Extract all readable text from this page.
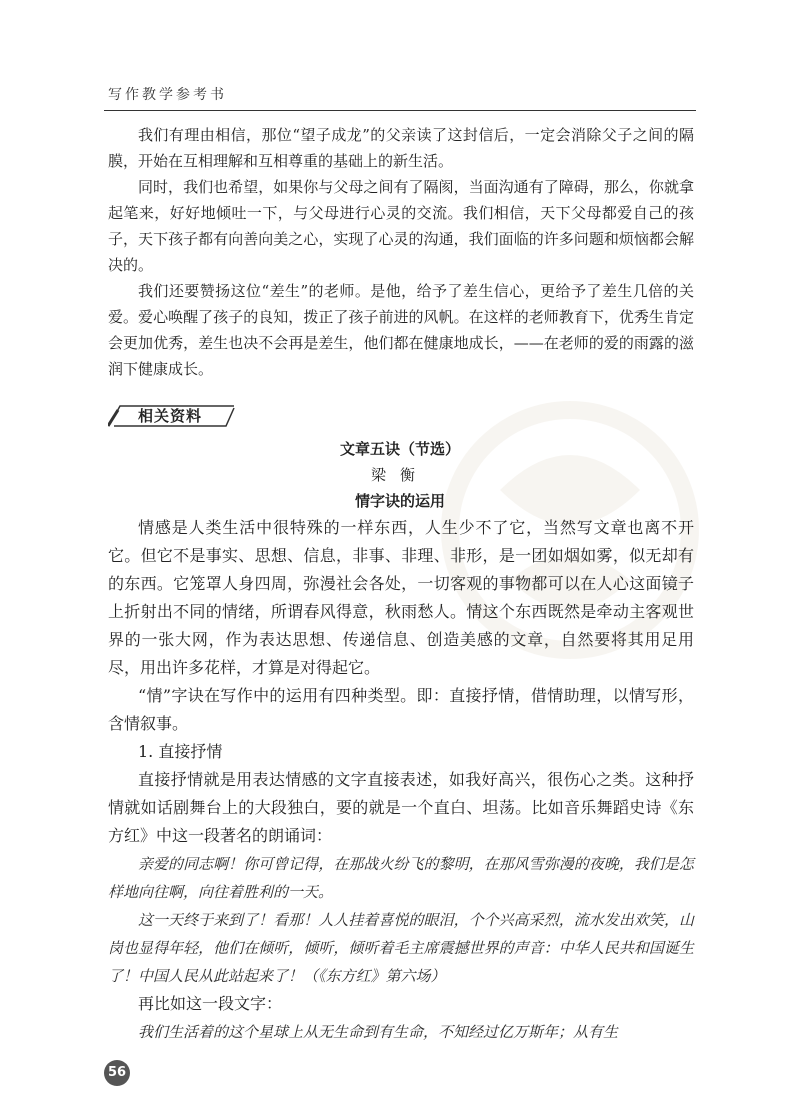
写作教学参考书

我们有理由相信，那位“望子成龙”的父亲读了这封信后，一定会消除父子之间的隔膜，开始在互相理解和互相尊重的基础上的新生活。

同时，我们也希望，如果你与父母之间有了隔阂，当面沟通有了障碍，那么，你就拿起笔来，好好地倾吐一下，与父母进行心灵的交流。我们相信，天下父母都爱自己的孩子，天下孩子都有向善向美之心，实现了心灵的沟通，我们面临的许多问题和烦恼都会解决的。

我们还要赞扬这位“差生”的老师。是他，给予了差生信心，更给予了差生几倍的关爱。爱心唤醒了孩子的良知，拨正了孩子前进的风帆。在这样的老师教育下，优秀生肯定会更加优秀，差生也决不会再是差生，他们都在健康地成长，——在老师的爱的雨露的滋润下健康成长。

相关资料
文章五诀（节选）
梁衡
情字诀的运用

情感是人类生活中很特殊的一样东西，人生少不了它，当然写文章也离不开它。但它不是事实、思想、信息，非事、非理、非形，是一团如烟如雾，似无却有的东西。它笼罩人身四周，弥漫社会各处，一切客观的事物都可以在人心这面镜子上折射出不同的情绪，所谓春风得意，秋雨愁人。情这个东西既然是牵动主客观世界的一张大网，作为表达思想、传递信息、创造美感的文章，自然要将其用足用尽，用出许多花样，才算是对得起它。

“情”字诀在写作中的运用有四种类型。即：直接抒情，借情助理，以情写形，含情叙事。

1. 直接抒情

直接抒情就是用表达情感的文字直接表述，如我好高兴，很伤心之类。这种抒情就如话剧舞台上的大段独白，要的就是一个直白、坦荡。比如音乐舞蹈史诗《东方红》中这一段著名的朗诵词：

亲爱的同志啊！你可曾记得，在那战火纷飞的黎明，在那风雪弥漫的夜晚，我们是怎样地向往啊，向往着胜利的一天。

这一天终于来到了！看那！人人挂着喜悦的眼泪，个个兴高采烈，流水发出欢笑，山岗也显得年轻，他们在倾听，倾听，倾听着毛主席震撼世界的声音：中华人民共和国诞生了！中国人民从此站起来了！（《东方红》第六场）

再比如这一段文字：

我们生活着的这个星球上从无生命到有生命，不知经过亿万斯年；从有生

56
